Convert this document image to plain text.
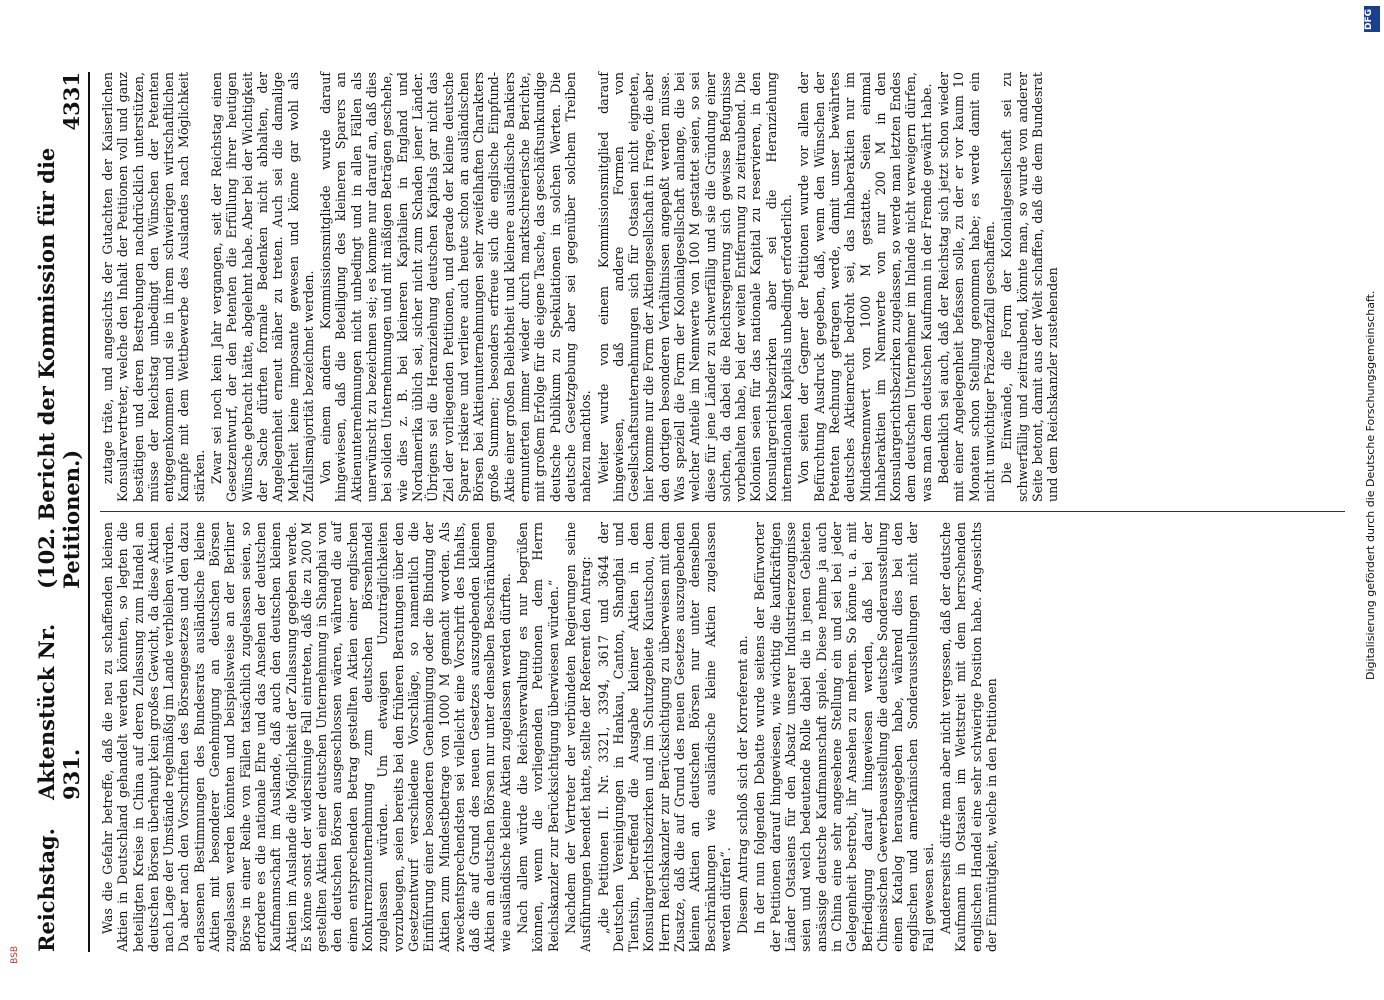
Reichstag.
Aktenstück Nr. 931.
(102. Bericht der Kommission für die Petitionen.)
4331

Was die Gefahr betreffe, daß die neu zu schaffenden kleinen Aktien in Deutschland gehandelt werden könnten, so legten die beteiligten Kreise in China auf deren Zulassung zum Handel an deutschen Börsen überhaupt kein großes Gewicht, da diese Aktien nach Lage der Umstände regelmäßig im Lande verbleiben würden. Da aber nach den Vorschriften des Börsengesetzes und den dazu erlassenen Bestimmungen des Bundesrats ausländische kleine Aktien mit besonderer Genehmigung an deutschen Börsen zugelassen werden könnten und beispielsweise an der Berliner Börse in einer Reihe von Fällen tatsächlich zugelassen seien, so erfordere es die nationale Ehre und das Ansehen der deutschen Kaufmannschaft im Auslande, daß auch den deutschen kleinen Aktien im Auslande die Möglichkeit der Zulassung gegeben werde. Es könne sonst der widersinnige Fall eintreten, daß die zu 200 M gestellten Aktien einer deutschen Unternehmung in Shanghai von den deutschen Börsen ausgeschlossen wären, während die auf einen entsprechenden Betrag gestellten Aktien einer englischen Konkurrenzunternehmung zum deutschen Börsenhandel zugelassen würden. Um etwaigen Unzuträglichkeiten vorzubeugen, seien bereits bei den früheren Beratungen über den Gesetzentwurf verschiedene Vorschläge, so namentlich die Einführung einer besonderen Genehmigung oder die Bindung der Aktien zum Mindestbetrage von 1000 M gemacht worden. Als zweckentsprechendsten sei vielleicht eine Vorschrift des Inhalts, daß die auf Grund des neuen Gesetzes auszugebenden kleinen Aktien an deutschen Börsen nur unter denselben Beschränkungen wie ausländische kleine Aktien zugelassen werden dürften. Nach allem würde die Reichsverwaltung es nur begrüßen können, wenn die vorliegenden Petitionen dem Herrn Reichskanzler zur Berücksichtigung überwiesen würden.“ Nachdem der Vertreter der verbündeten Regierungen seine Ausführungen beendet hatte, stellte der Referent den Antrag: „die Petitionen II. Nr. 3321, 3394, 3617 und 3644 der Deutschen Vereinigungen in Hankau, Canton, Shanghai und Tientsin, betreffend die Ausgabe kleiner Aktien in den Konsulargerichtsbezirken und im Schutzgebiete Kiautschou, dem Herrn Reichskanzler zur Berücksichtigung zu überweisen mit dem Zusatze, daß die auf Grund des neuen Gesetzes auszugebenden kleinen Aktien an deutschen Börsen nur unter denselben Beschränkungen wie ausländische kleine Aktien zugelassen werden dürfen“. Diesem Antrag schloß sich der Korreferent an. In der nun folgenden Debatte wurde seitens der Befürworter der Petitionen darauf hingewiesen, wie wichtig die kaufkräftigen Länder Ostasiens für den Absatz unserer Industrieerzeugnisse seien und welch bedeutende Rolle dabei die in jenen Gebieten ansässige deutsche Kaufmannschaft spiele. Diese nehme ja auch in China eine sehr angesehene Stellung ein und sei bei jeder Gelegenheit bestrebt, ihr Ansehen zu mehren. So könne u. a. mit Befriedigung darauf hingewiesen werden, daß bei der Chinesischen Gewerbeausstellung die deutsche Sonderausstellung einen Katalog herausgegeben habe, während dies bei den englischen und amerikanischen Sonderausstellungen nicht der Fall gewesen sei. Andererseits dürfe man aber nicht vergessen, daß der deutsche Kaufmann in Ostasien im Wettstreit mit dem herrschenden englischen Handel eine sehr schwierige Position habe. Angesichts der Einmütigkeit, welche in den Petitionen

zutage träte, und angesichts der Gutachten der Kaiserlichen Konsularvertreter, welche den Inhalt der Petitionen voll und ganz bestätigen und deren Bestrebungen nachdrücklich unterstützen, müsse der Reichstag unbedingt den Wünschen der Petenten entgegenkommen und sie in ihrem schwierigen wirtschaftlichen Kampfe mit dem Wettbewerbe des Auslandes nach Möglichkeit stärken. Zwar sei noch kein Jahr vergangen, seit der Reichstag einen Gesetzentwurf, der den Petenten die Erfüllung ihrer heutigen Wünsche gebracht hätte, abgelehnt habe. Aber bei der Wichtigkeit der Sache dürften formale Bedenken nicht abhalten, der Angelegenheit erneut näher zu treten. Auch sei die damalige Mehrheit keine imposante gewesen und könne gar wohl als Zufallsmajorität bezeichnet werden. Von einem andern Kommissionsmitgliede wurde darauf hingewiesen, daß die Beteiligung des kleineren Sparers an Aktienunternehmungen nicht unbedingt und in allen Fällen als unerwünscht zu bezeichnen sei; es komme nur darauf an, daß dies bei soliden Unternehmungen und mit mäßigen Beträgen geschehe, wie dies z. B. bei kleineren Kapitalien in England und Nordamerika üblich sei, sicher nicht zum Schaden jener Länder. Übrigens sei die Heranziehung deutschen Kapitals gar nicht das Ziel der vorliegenden Petitionen, und gerade der kleine deutsche Sparer riskiere und verliere auch heute schon an ausländischen Börsen bei Aktienunternehmungen sehr zweifelhaften Charakters große Summen; besonders erfreue sich die englische Einpfund-Aktie einer großen Beliebtheit und kleinere ausländische Bankiers ermunterten immer wieder durch marktschreierische Berichte, mit großem Erfolge für die eigene Tasche, das geschäftsunkundige deutsche Publikum zu Spekulationen in solchen Werten. Die deutsche Gesetzgebung aber sei gegenüber solchem Treiben nahezu machtlos. Weiter wurde von einem Kommissionsmitglied darauf hingewiesen, daß andere Formen von Gesellschaftsunternehmungen sich für Ostasien nicht eigneten, hier komme nur die Form der Aktiengesellschaft in Frage, die aber den dortigen besonderen Verhältnissen angepaßt werden müsse. Was speziell die Form der Kolonialgesellschaft anlange, die bei welcher Anteile im Nennwerte von 100 M gestattet seien, so sei diese für jene Länder zu schwerfällig und sie die Gründung einer solchen, da dabei die Reichsregierung sich gewisse Befugnisse vorbehalten habe, bei der weiten Entfernung zu zeitraubend. Die Kolonien seien für das nationale Kapital zu reservieren, in den Konsulargerichtsbezirken aber sei die Heranziehung internationalen Kapitals unbedingt erforderlich. Von seiten der Gegner der Petitionen wurde vor allem der Befürchtung Ausdruck gegeben, daß, wenn den Wünschen der Petenten Rechnung getragen werde, damit unser bewährtes deutsches Aktienrecht bedroht sei, das Inhaberaktien nur im Mindestnennwert von 1000 M gestatte. Seien einmal Inhaberaktien im Nennwerte von nur 200 M in den Konsulargerichtsbezirken zugelassen, so werde man letzten Endes dem deutschen Unternehmer im Inlande nicht verweigern dürfen, was man dem deutschen Kaufmann in der Fremde gewährt habe. Bedenklich sei auch, daß der Reichstag sich jetzt schon wieder mit einer Angelegenheit befassen solle, zu der er vor kaum 10 Monaten schon Stellung genommen habe; es werde damit ein nicht unwichtiger Präzedenzfall geschaffen. Die Einwände, die Form der Kolonialgesellschaft sei zu schwerfällig und zeitraubend, könnte man, so wurde von anderer Seite betont, damit aus der Welt schaffen, daß die dem Bundesrat und dem Reichskanzler zustehenden

DFG
Digitalisierung gefördert durch die Deutsche Forschungsgemeinschaft.
BSB
